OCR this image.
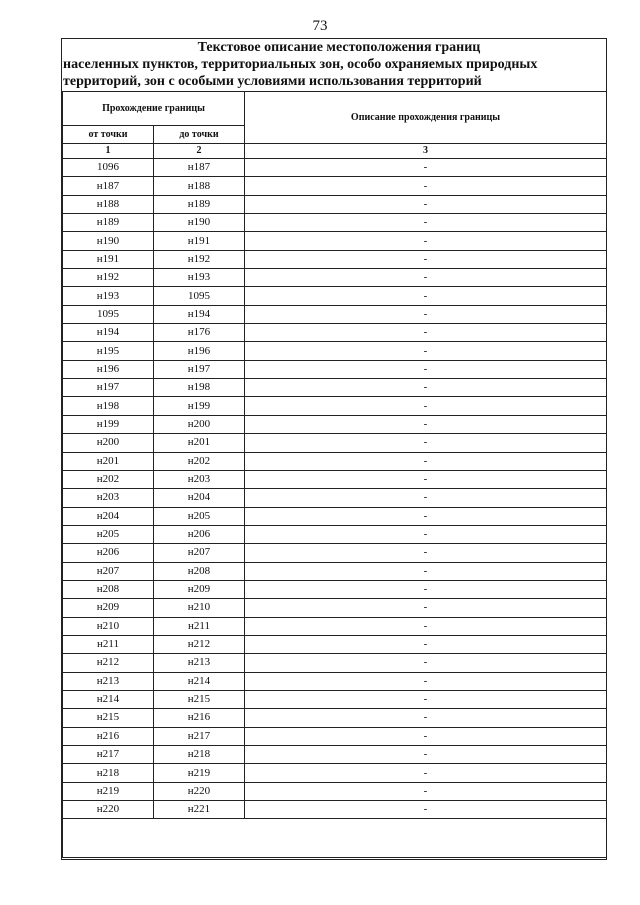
73
Текстовое описание местоположения границ
населенных пунктов, территориальных зон, особо охраняемых природных
территорий, зон с особыми условиями использования территорий
Прохождение границы		Описание прохождения границы
от точки	до точки	
1	2	3
1096	н187	-
н187	н188	-
н188	н189	-
н189	н190	-
н190	н191	-
н191	н192	-
н192	н193	-
н193	1095	-
1095	н194	-
н194	н176	-
н195	н196	-
н196	н197	-
н197	н198	-
н198	н199	-
н199	н200	-
н200	н201	-
н201	н202	-
н202	н203	-
н203	н204	-
н204	н205	-
н205	н206	-
н206	н207	-
н207	н208	-
н208	н209	-
н209	н210	-
н210	н211	-
н211	н212	-
н212	н213	-
н213	н214	-
н214	н215	-
н215	н216	-
н216	н217	-
н217	н218	-
н218	н219	-
н219	н220	-
н220	н221	-
